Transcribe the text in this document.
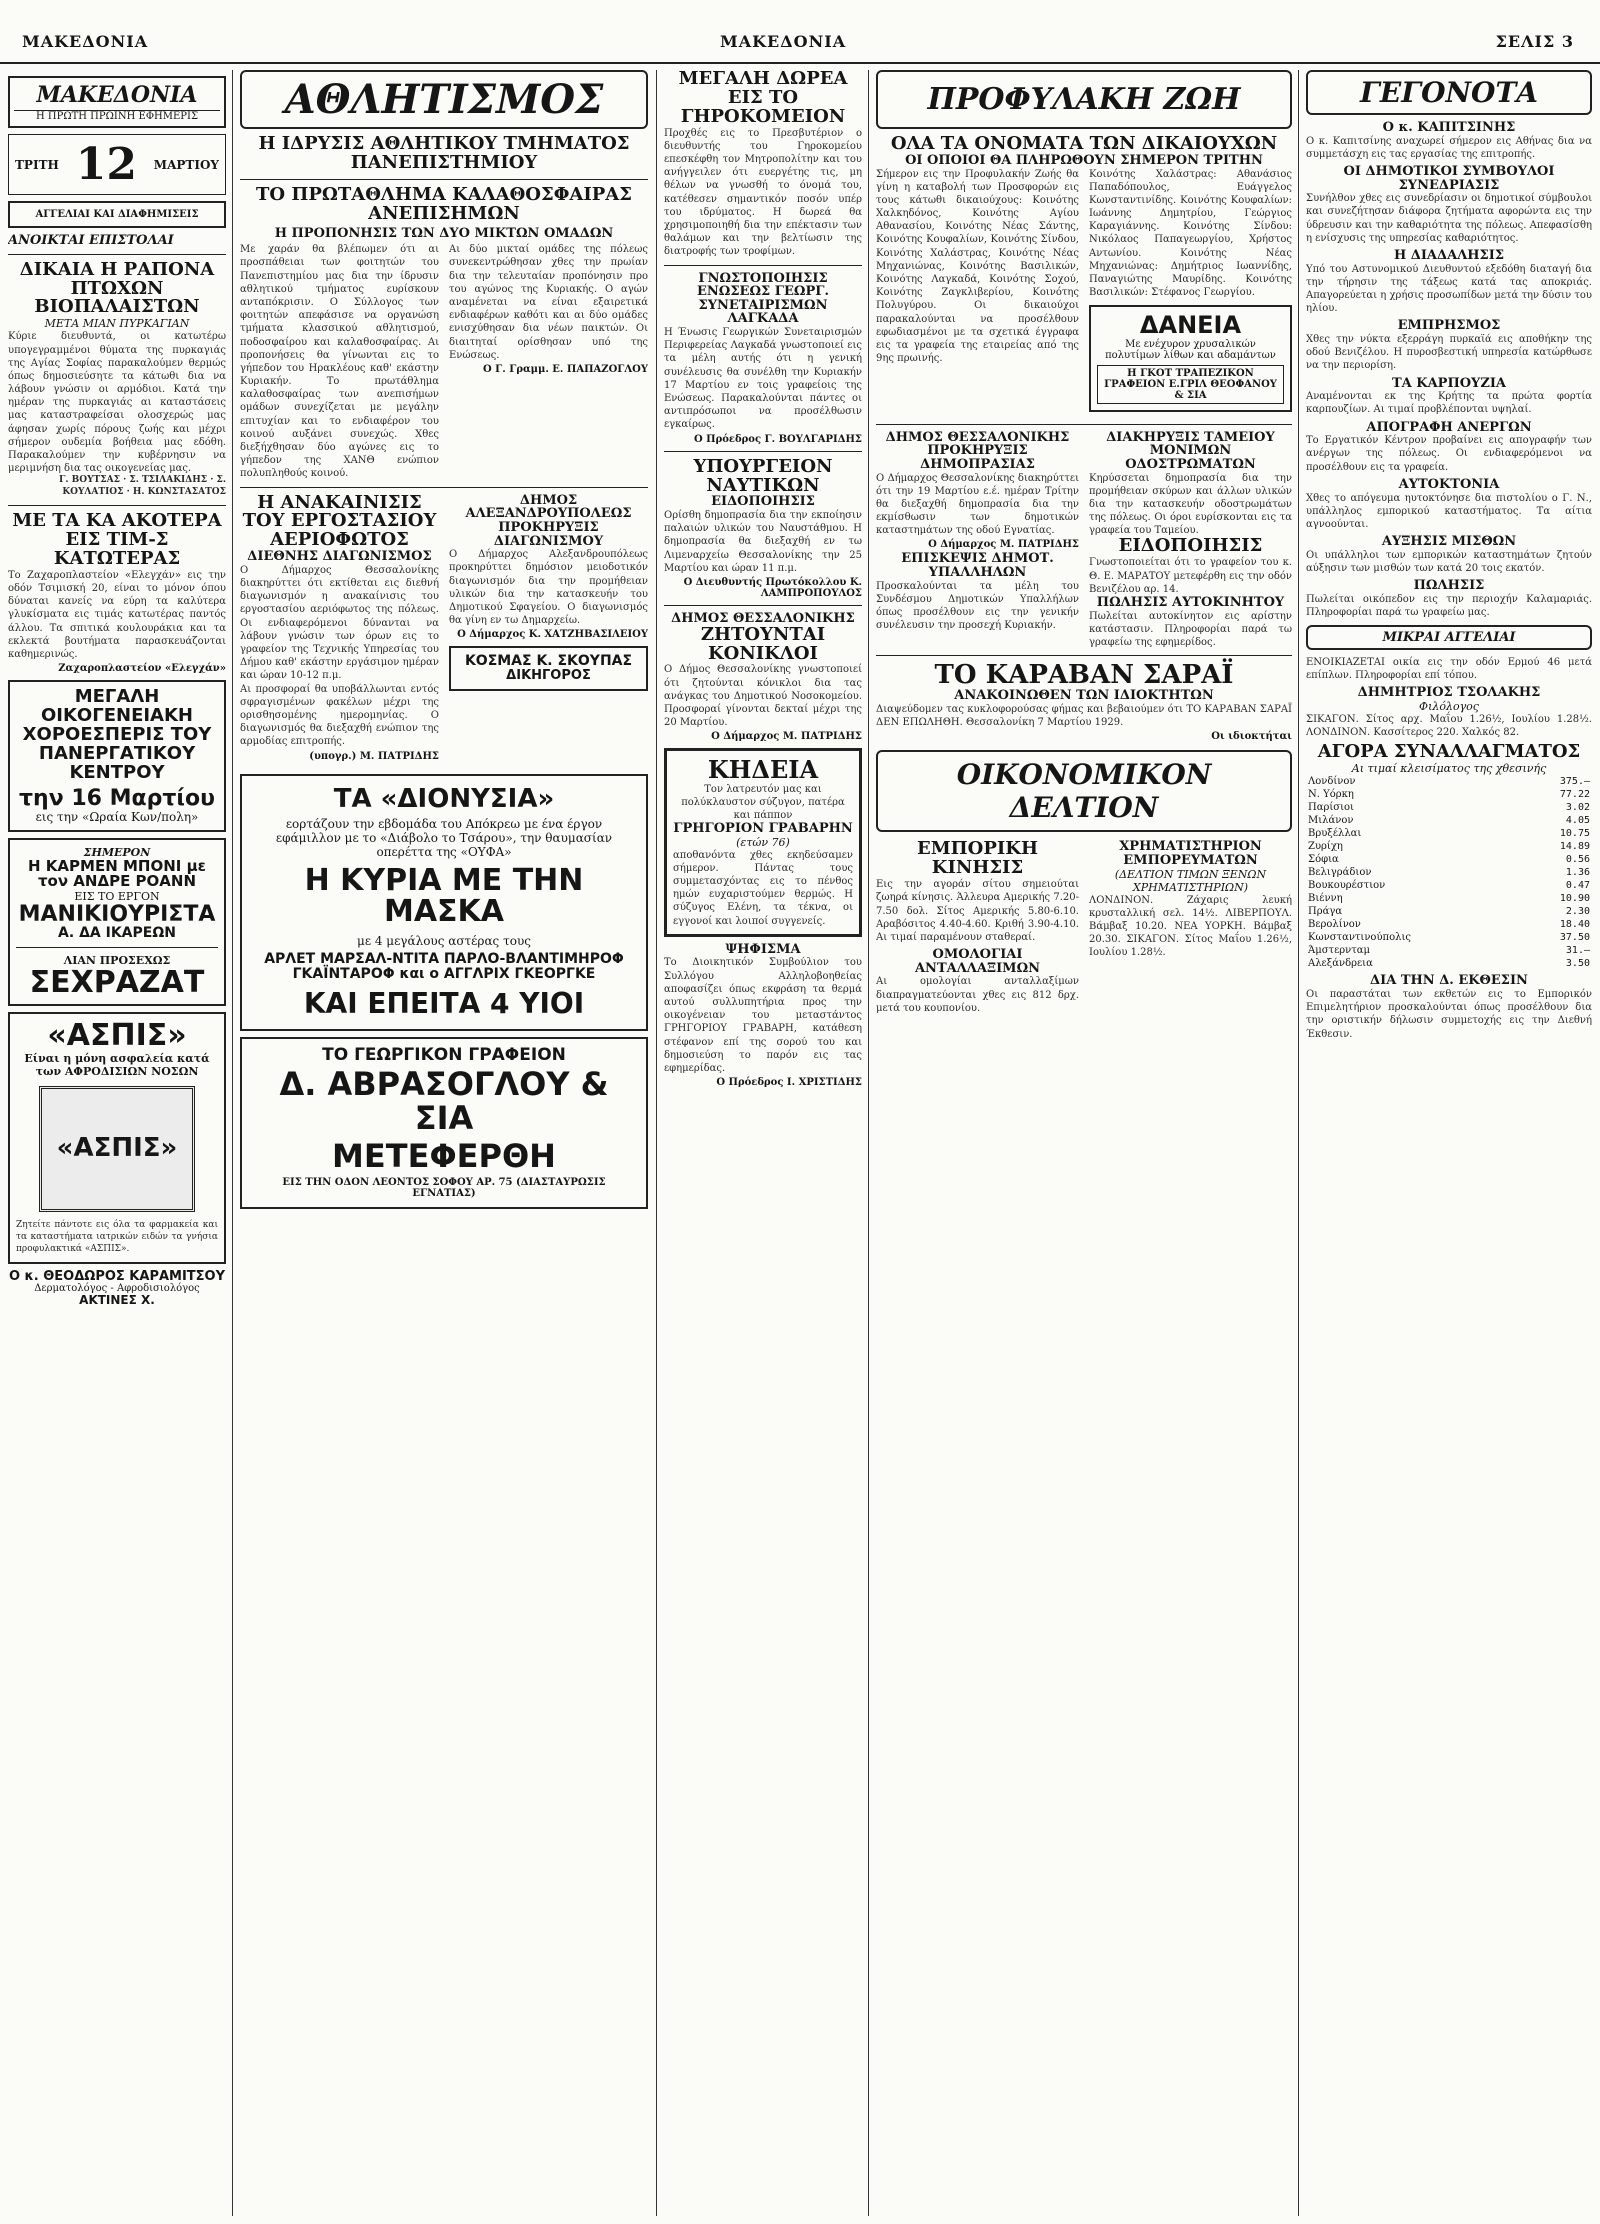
ΜΑΚΕΔΟΝΙΑ	ΜΑΚΕΔΟΝΙΑ	ΣΕΛΙΣ 3
ΜΑΚΕΔΟΝΙΑ
Η ΠΡΩΤΗ ΠΡΩΙΝΗ ΕΦΗΜΕΡΙΣ
ΤΡΙΤΗ 12 ΜΑΡΤΙΟΥ
ΑΓΓΕΛΙΑΙ ΚΑΙ ΔΙΑΦΗΜΙΣΕΙΣ
ΑΝΟΙΚΤΑΙ ΕΠΙΣΤΟΛΑΙ
ΔΙΚΑΙΑ Η ΡΑΠΟΝΑ ΠΤΩΧΩΝ ΒΙΟΠΑΛΑΙΣΤΩΝ
ΜΕΤΑ ΜΙΑΝ ΠΥΡΚΑΓΙΑΝ
Κύριε διευθυντά, οι κατωτέρω υπογεγραμμένοι θύματα της πυρκαγιάς της Αγίας Σοφίας παρακαλούμεν θερμώς όπως δημοσιεύσητε τα κάτωθι δια να λάβουν γνώσιν οι αρμόδιοι. Κατά την ημέραν της πυρκαγιάς αι καταστάσεις μας καταστραφείσαι ολοσχερώς μας άφησαν χωρίς πόρους ζωής και μέχρι σήμερον ουδεμία βοήθεια μας εδόθη. Παρακαλούμεν την κυβέρνησιν να μεριμνήση δια τας οικογενείας μας.
Γ. ΒΟΥΤΣΑΣ · Σ. ΤΣΙΛΑΚΙΔΗΣ · Σ. ΚΟΥΛΑΤΙΟΣ · Η. ΚΩΝΣΤΑΣΑΤΟΣ
ΜΕ ΤΑ ΚΑ ΑΚΟΤΕΡΑ ΕΙΣ ΤΙΜ-Σ ΚΑΤΩΤΕΡΑΣ
Το Ζαχαροπλαστείον «Ελεγχάν» εις την οδόν Τσιμισκή 20, είναι το μόνον όπου δύναται κανείς να εύρη τα καλύτερα γλυκίσματα εις τιμάς κατωτέρας παντός άλλου. Τα σπιτικά κουλουράκια και τα εκλεκτά βουτήματα παρασκευάζονται καθημερινώς.
Ζαχαροπλαστείον «Ελεγχάν»
ΜΕΓΑΛΗ ΟΙΚΟΓΕΝΕΙΑΚΗ ΧΟΡΟΕΣΠΕΡΙΣ ΤΟΥ ΠΑΝΕΡΓΑΤΙΚΟΥ ΚΕΝΤΡΟΥ
την 16 Μαρτίου
εις την «Ωραία Κων/πολη»
ΣΗΜΕΡΟΝ
Η ΚΑΡΜΕΝ ΜΠΟΝΙ με τον ΑΝΔΡΕ ΡΟΑΝΝ
ΕΙΣ ΤΟ ΕΡΓΟΝ
ΜΑΝΙΚΙΟΥΡΙΣΤΑ
Α. ΔΑ ΙΚΑΡΕΩΝ
ΛΙΑΝ ΠΡΟΣΕΧΩΣ
ΣΕΧΡΑΖΑΤ
«ΑΣΠΙΣ»
Είναι η μόνη ασφαλεία κατά των ΑΦΡΟΔΙΣΙΩΝ ΝΟΣΩΝ
«ΑΣΠΙΣ»
Ζητείτε πάντοτε εις όλα τα φαρμακεία και τα καταστήματα ιατρικών ειδών τα γνήσια προφυλακτικά «ΑΣΠΙΣ».
Ο κ. ΘΕΟΔΩΡΟΣ ΚΑΡΑΜΙΤΣΟΥ
Δερματολόγος - Αφροδισιολόγος
ΑΚΤΙΝΕΣ Χ.
ΑΘΛΗΤΙΣΜΟΣ
Η ΙΔΡΥΣΙΣ ΑΘΛΗΤΙΚΟΥ ΤΜΗΜΑΤΟΣ ΠΑΝΕΠΙΣΤΗΜΙΟΥ
ΤΟ ΠΡΩΤΑΘΛΗΜΑ ΚΑΛΑΘΟΣΦΑΙΡΑΣ ΑΝΕΠΙΣΗΜΩΝ
Η ΠΡΟΠΟΝΗΣΙΣ ΤΩΝ ΔΥΟ ΜΙΚΤΩΝ ΟΜΑΔΩΝ
Με χαράν θα βλέπωμεν ότι αι προσπάθειαι των φοιτητών του Πανεπιστημίου μας δια την ίδρυσιν αθλητικού τμήματος ευρίσκουν ανταπόκρισιν. Ο Σύλλογος των φοιτητών απεφάσισε να οργανώση τμήματα κλασσικού αθλητισμού, ποδοσφαίρου και καλαθοσφαίρας. Αι προπονήσεις θα γίνωνται εις το γήπεδον του Ηρακλέους καθ' εκάστην Κυριακήν. Το πρωτάθλημα καλαθοσφαίρας των ανεπισήμων ομάδων συνεχίζεται με μεγάλην επιτυχίαν και το ενδιαφέρον του κοινού αυξάνει συνεχώς. Χθες διεξήχθησαν δύο αγώνες εις το γήπεδον της ΧΑΝΘ ενώπιον πολυπληθούς κοινού.
Αι δύο μικταί ομάδες της πόλεως συνεκεντρώθησαν χθες την πρωίαν δια την τελευταίαν προπόνησιν προ του αγώνος της Κυριακής. Ο αγών αναμένεται να είναι εξαιρετικά ενδιαφέρων καθότι και αι δύο ομάδες ενισχύθησαν δια νέων παικτών. Οι διαιτηταί ορίσθησαν υπό της Ενώσεως.
Ο Γ. Γραμμ. Ε. ΠΑΠΑΖΟΓΛΟΥ
Η ΑΝΑΚΑΙΝΙΣΙΣ ΤΟΥ ΕΡΓΟΣΤΑΣΙΟΥ ΑΕΡΙΟΦΩΤΟΣ
ΔΙΕΘΝΗΣ ΔΙΑΓΩΝΙΣΜΟΣ
Ο Δήμαρχος Θεσσαλονίκης διακηρύττει ότι εκτίθεται εις διεθνή διαγωνισμόν η ανακαίνισις του εργοστασίου αεριόφωτος της πόλεως. Οι ενδιαφερόμενοι δύνανται να λάβουν γνώσιν των όρων εις το γραφείον της Τεχνικής Υπηρεσίας του Δήμου καθ' εκάστην εργάσιμον ημέραν και ώραν 10-12 π.μ.
Αι προσφοραί θα υποβάλλωνται εντός σφραγισμένων φακέλων μέχρι της ορισθησομένης ημερομηνίας. Ο διαγωνισμός θα διεξαχθή ενώπιον της αρμοδίας επιτροπής.
(υπογρ.) Μ. ΠΑΤΡΙΔΗΣ
ΔΗΜΟΣ ΑΛΕΞΑΝΔΡΟΥΠΟΛΕΩΣ ΠΡΟΚΗΡΥΞΙΣ ΔΙΑΓΩΝΙΣΜΟΥ
Ο Δήμαρχος Αλεξανδρουπόλεως προκηρύττει δημόσιον μειοδοτικόν διαγωνισμόν δια την προμήθειαν υλικών δια την κατασκευήν του Δημοτικού Σφαγείου. Ο διαγωνισμός θα γίνη εν τω Δημαρχείω.
Ο Δήμαρχος Κ. ΧΑΤΖΗΒΑΣΙΛΕΙΟΥ
ΚΟΣΜΑΣ Κ. ΣΚΟΥΠΑΣ
ΔΙΚΗΓΟΡΟΣ
ΤΑ «ΔΙΟΝΥΣΙΑ»
εορτάζουν την εβδομάδα του Απόκρεω με ένα έργον εφάμιλλον με το «Διάβολο το Τσάρου», την θαυμασίαν οπερέττα της «ΟΥΦΑ»
Η ΚΥΡΙΑ ΜΕ ΤΗΝ ΜΑΣΚΑ
με 4 μεγάλους αστέρας τους
ΑΡΛΕΤ ΜΑΡΣΑΛ-ΝΤΙΤΑ ΠΑΡΛΟ-ΒΛΑΝΤΙΜΗΡΟΦ ΓΚΑΪΝΤΑΡΟΦ και ο ΑΓΓΛΡΙΧ ΓΚΕΟΡΓΚΕ
ΚΑΙ ΕΠΕΙΤΑ 4 ΥΙΟΙ
ΤΟ ΓΕΩΡΓΙΚΟΝ ΓΡΑΦΕΙΟΝ
Δ. ΑΒΡΑΣΟΓΛΟΥ & ΣΙΑ
ΜΕΤΕΦΕΡΘΗ
ΕΙΣ ΤΗΝ ΟΔΟΝ ΛΕΟΝΤΟΣ ΣΟΦΟΥ ΑΡ. 75 (ΔΙΑΣΤΑΥΡΩΣΙΣ ΕΓΝΑΤΙΑΣ)
ΜΕΓΑΛΗ ΔΩΡΕΑ ΕΙΣ ΤΟ ΓΗΡΟΚΟΜΕΙΟΝ
Προχθές εις το Πρεσβυτέριον ο διευθυντής του Γηροκομείου επεσκέφθη τον Μητροπολίτην και του ανήγγειλεν ότι ευεργέτης τις, μη θέλων να γνωσθή το όνομά του, κατέθεσεν σημαντικόν ποσόν υπέρ του ιδρύματος. Η δωρεά θα χρησιμοποιηθή δια την επέκτασιν των θαλάμων και την βελτίωσιν της διατροφής των τροφίμων.
ΓΝΩΣΤΟΠΟΙΗΣΙΣ ΕΝΩΣΕΩΣ ΓΕΩΡΓ. ΣΥΝΕΤΑΙΡΙΣΜΩΝ ΛΑΓΚΑΔΑ
Η Ένωσις Γεωργικών Συνεταιρισμών Περιφερείας Λαγκαδά γνωστοποιεί εις τα μέλη αυτής ότι η γενική συνέλευσις θα συνέλθη την Κυριακήν 17 Μαρτίου εν τοις γραφείοις της Ενώσεως. Παρακαλούνται πάντες οι αντιπρόσωποι να προσέλθωσιν εγκαίρως.
Ο Πρόεδρος Γ. ΒΟΥΛΓΑΡΙΔΗΣ
ΥΠΟΥΡΓΕΙΟΝ ΝΑΥΤΙΚΩΝ
ΕΙΔΟΠΟΙΗΣΙΣ
Ορίσθη δημοπρασία δια την εκποίησιν παλαιών υλικών του Ναυστάθμου. Η δημοπρασία θα διεξαχθή εν τω Λιμεναρχείω Θεσσαλονίκης την 25 Μαρτίου και ώραν 11 π.μ.
Ο Διευθυντής Πρωτόκολλου Κ. ΛΑΜΠΡΟΠΟΥΛΟΣ
ΔΗΜΟΣ ΘΕΣΣΑΛΟΝΙΚΗΣ
ΖΗΤΟΥΝΤΑΙ ΚΟΝΙΚΛΟΙ
Ο Δήμος Θεσσαλονίκης γνωστοποιεί ότι ζητούνται κόνικλοι δια τας ανάγκας του Δημοτικού Νοσοκομείου. Προσφοραί γίνονται δεκταί μέχρι της 20 Μαρτίου.
Ο Δήμαρχος Μ. ΠΑΤΡΙΔΗΣ
ΚΗΔΕΙΑ
Τον λατρευτόν μας και πολύκλαυστον σύζυγον, πατέρα και πάππον
ΓΡΗΓΟΡΙΟΝ ΓΡΑΒΑΡΗΝ
(ετών 76)
αποθανόντα χθες εκηδεύσαμεν σήμερον. Πάντας τους συμμετασχόντας εις το πένθος ημών ευχαριστούμεν θερμώς. Η σύζυγος Ελένη, τα τέκνα, οι εγγονοί και λοιποί συγγενείς.
ΨΗΦΙΣΜΑ
Το Διοικητικόν Συμβούλιον του Συλλόγου Αλληλοβοηθείας αποφασίζει όπως εκφράση τα θερμά αυτού συλλυπητήρια προς την οικογένειαν του μεταστάντος ΓΡΗΓΟΡΙΟΥ ΓΡΑΒΑΡΗ, κατάθεση στέφανον επί της σορού του και δημοσιεύση το παρόν εις τας εφημερίδας.
Ο Πρόεδρος Ι. ΧΡΙΣΤΙΔΗΣ
ΠΡΟΦΥΛΑΚΗ ΖΩΗ
ΟΛΑ ΤΑ ΟΝΟΜΑΤΑ ΤΩΝ ΔΙΚΑΙΟΥΧΩΝ
ΟΙ ΟΠΟΙΟΙ ΘΑ ΠΛΗΡΩΘΟΥΝ ΣΗΜΕΡΟΝ ΤΡΙΤΗΝ
Σήμερον εις την Προφυλακήν Ζωής θα γίνη η καταβολή των Προσφορών εις τους κάτωθι δικαιούχους: Κοινότης Χαλκηδόνος, Κοινότης Αγίου Αθανασίου, Κοινότης Νέας Σάντης, Κοινότης Κουφαλίων, Κοινότης Σίνδου, Κοινότης Χαλάστρας, Κοινότης Νέας Μηχανιώνας, Κοινότης Βασιλικών, Κοινότης Λαγκαδά, Κοινότης Σοχού, Κοινότης Ζαγκλιβερίου, Κοινότης Πολυγύρου. Οι δικαιούχοι παρακαλούνται να προσέλθουν εφωδιασμένοι με τα σχετικά έγγραφα εις τα γραφεία της εταιρείας από της 9ης πρωινής.
Κοινότης Χαλάστρας: Αθανάσιος Παπαδόπουλος, Ευάγγελος Κωνσταντινίδης. Κοινότης Κουφαλίων: Ιωάννης Δημητρίου, Γεώργιος Καραγιάννης. Κοινότης Σίνδου: Νικόλαος Παπαγεωργίου, Χρήστος Αντωνίου. Κοινότης Νέας Μηχανιώνας: Δημήτριος Ιωαννίδης, Παναγιώτης Μαυρίδης. Κοινότης Βασιλικών: Στέφανος Γεωργίου.
ΔΑΝΕΙΑ
Με ενέχυρον χρυσαλικών πολυτίμων λίθων και αδαμάντων
Η ΓΚΟΤ ΤΡΑΠΕΖΙΚΟΝ ΓΡΑΦΕΙΟΝ Ε.ΓΡΙΛ ΘΕΟΦΑΝΟΥ & ΣΙΑ
ΔΗΜΟΣ ΘΕΣΣΑΛΟΝΙΚΗΣ
ΠΡΟΚΗΡΥΞΙΣ ΔΗΜΟΠΡΑΣΙΑΣ
Ο Δήμαρχος Θεσσαλονίκης διακηρύττει ότι την 19 Μαρτίου ε.έ. ημέραν Τρίτην θα διεξαχθή δημοπρασία δια την εκμίσθωσιν των δημοτικών καταστημάτων της οδού Εγνατίας.
Ο Δήμαρχος Μ. ΠΑΤΡΙΔΗΣ
ΕΠΙΣΚΕΨΙΣ ΔΗΜΟΤ. ΥΠΑΛΛΗΛΩΝ
Προσκαλούνται τα μέλη του Συνδέσμου Δημοτικών Υπαλλήλων όπως προσέλθουν εις την γενικήν συνέλευσιν την προσεχή Κυριακήν.
ΔΙΑΚΗΡΥΞΙΣ ΤΑΜΕΙΟΥ ΜΟΝΙΜΩΝ ΟΔΟΣΤΡΩΜΑΤΩΝ
Κηρύσσεται δημοπρασία δια την προμήθειαν σκύρων και άλλων υλικών δια την κατασκευήν οδοστρωμάτων της πόλεως. Οι όροι ευρίσκονται εις τα γραφεία του Ταμείου.
ΕΙΔΟΠΟΙΗΣΙΣ
Γνωστοποιείται ότι το γραφείον του κ. Θ. Ε. ΜΑΡΑΤΟΥ μετεφέρθη εις την οδόν Βενιζέλου αρ. 14.
ΠΩΛΗΣΙΣ ΑΥΤΟΚΙΝΗΤΟΥ
Πωλείται αυτοκίνητον εις αρίστην κατάστασιν. Πληροφορίαι παρά τω γραφείω της εφημερίδος.
ΤΟ ΚΑΡΑΒΑΝ ΣΑΡΑΪ
ΑΝΑΚΟΙΝΩΘΕΝ ΤΩΝ ΙΔΙΟΚΤΗΤΩΝ
Διαψεύδομεν τας κυκλοφορούσας φήμας και βεβαιούμεν ότι ΤΟ ΚΑΡΑΒΑΝ ΣΑΡΑΪ ΔΕΝ ΕΠΩΛΗΘΗ. Θεσσαλονίκη 7 Μαρτίου 1929.
Οι ιδιοκτήται
ΟΙΚΟΝΟΜΙΚΟΝ ΔΕΛΤΙΟΝ
ΕΜΠΟΡΙΚΗ ΚΙΝΗΣΙΣ
Εις την αγοράν σίτου σημειούται ζωηρά κίνησις. Άλλευρα Αμερικής 7.20-7.50 δολ. Σίτος Αμερικής 5.80-6.10. Αραβόσιτος 4.40-4.60. Κριθή 3.90-4.10. Αι τιμαί παραμένουν σταθεραί.
ΟΜΟΛΟΓΙΑΙ ΑΝΤΑΛΛΑΞΙΜΩΝ
Αι ομολογίαι ανταλλαξίμων διαπραγματεύονται χθες εις 812 δρχ. μετά του κουπονίου.
ΧΡΗΜΑΤΙΣΤΗΡΙΟΝ ΕΜΠΟΡΕΥΜΑΤΩΝ
(ΔΕΛΤΙΟΝ ΤΙΜΩΝ ΞΕΝΩΝ ΧΡΗΜΑΤΙΣΤΗΡΙΩΝ)
ΛΟΝΔΙΝΟΝ. Ζάχαρις λευκή κρυσταλλική σελ. 14½. ΛΙΒΕΡΠΟΥΛ. Βάμβαξ 10.20. ΝΕΑ ΥΟΡΚΗ. Βάμβαξ 20.30. ΣΙΚΑΓΟΝ. Σίτος Μαΐου 1.26½, Ιουλίου 1.28½.
ΓΕΓΟΝΟΤΑ
Ο κ. ΚΑΠΙΤΣΙΝΗΣ
Ο κ. Καπιτσίνης αναχωρεί σήμερον εις Αθήνας δια να συμμετάσχη εις τας εργασίας της επιτροπής.
ΟΙ ΔΗΜΟΤΙΚΟΙ ΣΥΜΒΟΥΛΟΙ ΣΥΝΕΔΡΙΑΣΙΣ
Συνήλθον χθες εις συνεδρίασιν οι δημοτικοί σύμβουλοι και συνεζήτησαν διάφορα ζητήματα αφορώντα εις την ύδρευσιν και την καθαριότητα της πόλεως. Απεφασίσθη η ενίσχυσις της υπηρεσίας καθαριότητος.
Η ΔΙΑΔΑΛΗΣΙΣ
Υπό του Αστυνομικού Διευθυντού εξεδόθη διαταγή δια την τήρησιν της τάξεως κατά τας αποκριάς. Απαγορεύεται η χρήσις προσωπίδων μετά την δύσιν του ηλίου.
ΕΜΠΡΗΣΜΟΣ
Χθες την νύκτα εξερράγη πυρκαϊά εις αποθήκην της οδού Βενιζέλου. Η πυροσβεστική υπηρεσία κατώρθωσε να την περιορίση.
ΤΑ ΚΑΡΠΟΥΖΙΑ
Αναμένονται εκ της Κρήτης τα πρώτα φορτία καρπουζίων. Αι τιμαί προβλέπονται υψηλαί.
ΑΠΟΓΡΑΦΗ ΑΝΕΡΓΩΝ
Το Εργατικόν Κέντρον προβαίνει εις απογραφήν των ανέργων της πόλεως. Οι ενδιαφερόμενοι να προσέλθουν εις τα γραφεία.
ΑΥΤΟΚΤΟΝΙΑ
Χθες το απόγευμα ηυτοκτόνησε δια πιστολίου ο Γ. Ν., υπάλληλος εμπορικού καταστήματος. Τα αίτια αγνοούνται.
ΑΥΞΗΣΙΣ ΜΙΣΘΩΝ
Οι υπάλληλοι των εμπορικών καταστημάτων ζητούν αύξησιν των μισθών των κατά 20 τοις εκατόν.
ΠΩΛΗΣΙΣ
Πωλείται οικόπεδον εις την περιοχήν Καλαμαριάς. Πληροφορίαι παρά τω γραφείω μας.
ΜΙΚΡΑΙ ΑΓΓΕΛΙΑΙ
ΕΝΟΙΚΙΑΖΕΤΑΙ οικία εις την οδόν Ερμού 46 μετά επίπλων. Πληροφορίαι επί τόπου.
ΔΗΜΗΤΡΙΟΣ ΤΣΟΛΑΚΗΣ
Φιλόλογος
ΣΙΚΑΓΟΝ. Σίτος αρχ. Μαΐου 1.26½, Ιουλίου 1.28½. ΛΟΝΔΙΝΟΝ. Κασσίτερος 220. Χαλκός 82.
ΑΓΟΡΑ ΣΥΝΑΛΛΑΓΜΑΤΟΣ
Αι τιμαί κλεισίματος της χθεσινής
Λονδίνον	375.—
Ν. Υόρκη	77.22
Παρίσιοι	3.02
Μιλάνον	4.05
Βρυξέλλαι	10.75
Ζυρίχη	14.89
Σόφια	0.56
Βελιγράδιον	1.36
Βουκουρέστιον	0.47
Βιέννη	10.90
Πράγα	2.30
Βερολίνον	18.40
Κωνσταντινούπολις	37.50
Άμστερνταμ	31.—
Αλεξάνδρεια	3.50
ΔΙΑ ΤΗΝ Δ. ΕΚΘΕΣΙΝ
Οι παραστάται των εκθετών εις το Εμπορικόν Επιμελητήριον προσκαλούνται όπως προσέλθουν δια την οριστικήν δήλωσιν συμμετοχής εις την Διεθνή Έκθεσιν.
